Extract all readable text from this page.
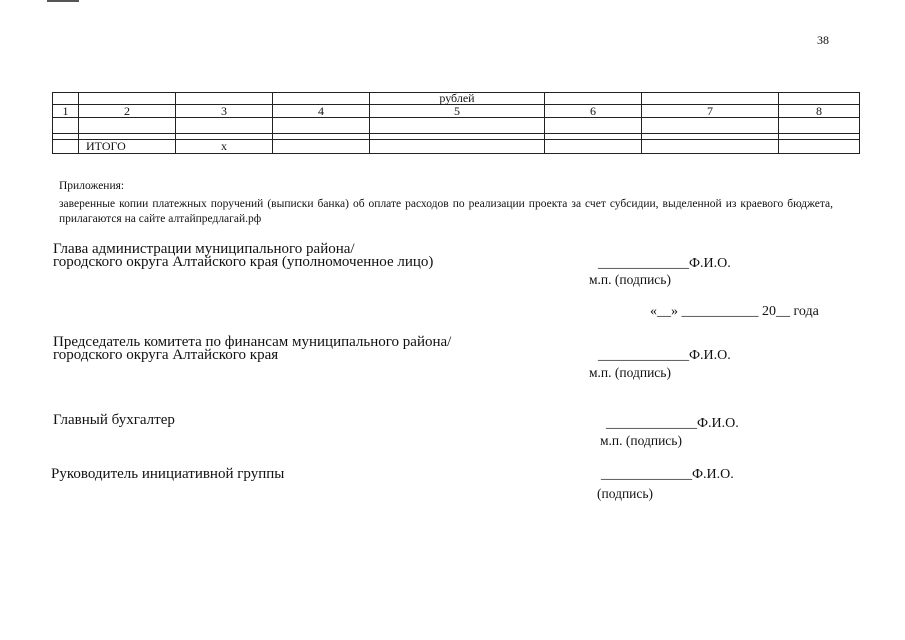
38
				рублей			
1	2	3	4	5	6	7	8

	ИТОГО	х					
Приложения:
заверенные копии платежных поручений (выписки банка) об оплате расходов по реализации проекта за счет субсидии, выделенной из краевого бюджета, прилагаются на сайте алтайпредлагай.рф
Глава администрации муниципального района/
городского округа Алтайского края (уполномоченное лицо)	_____________Ф.И.О.
м.п. (подпись)
«__» ___________ 20__ года
Председатель комитета по финансам муниципального района/
городского округа Алтайского края	_____________Ф.И.О.
м.п. (подпись)
Главный бухгалтер	_____________Ф.И.О.
м.п. (подпись)
Руководитель инициативной группы	_____________Ф.И.О.
(подпись)
